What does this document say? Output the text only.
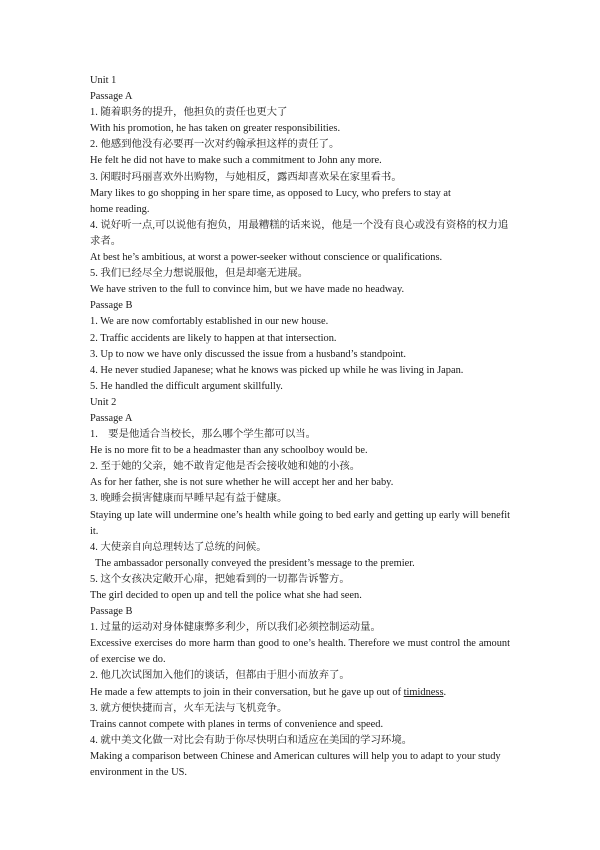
Unit 1
Passage A
1. 随着职务的提升，他担负的责任也更大了
With his promotion, he has taken on greater responsibilities.
2. 他感到他没有必要再一次对约翰承担这样的责任了。
He felt he did not have to make such a commitment to John any more.
3. 闲暇时玛丽喜欢外出购物，与她相反，露西却喜欢呆在家里看书。
Mary likes to go shopping in her spare time, as opposed to Lucy, who prefers to stay at
home reading.
4. 说好听一点,可以说他有抱负，用最糟糕的话来说，他是一个没有良心或没有资格的权力追求者。
At best he’s ambitious, at worst a power-seeker without conscience or qualifications.
5. 我们已经尽全力想说服他，但是却毫无进展。
We have striven to the full to convince him, but we have made no headway.
Passage B
1. We are now comfortably established in our new house.
2. Traffic accidents are likely to happen at that intersection.
3. Up to now we have only discussed the issue from a husband’s standpoint.
4. He never studied Japanese; what he knows was picked up while he was living in Japan.
5. He handled the difficult argument skillfully.
Unit 2
Passage A
1.    要是他适合当校长，那么哪个学生都可以当。
He is no more fit to be a headmaster than any schoolboy would be.
2. 至于她的父亲，她不敢肯定他是否会接收她和她的小孩。
As for her father, she is not sure whether he will accept her and her baby.
3. 晚睡会损害健康而早睡早起有益于健康。
Staying up late will undermine one’s health while going to bed early and getting up early will benefit it.
4. 大使亲自向总理转达了总统的问候。
The ambassador personally conveyed the president’s message to the premier.
5. 这个女孩决定敞开心扉，把她看到的一切都告诉警方。
The girl decided to open up and tell the police what she had seen.
Passage B
1. 过量的运动对身体健康弊多利少，所以我们必须控制运动量。
Excessive exercises do more harm than good to one’s health. Therefore we must control the amount of exercise we do.
2. 他几次试图加入他们的谈话，但都由于胆小而放弃了。
He made a few attempts to join in their conversation, but he gave up out of timidness.
3. 就方便快捷而言，火车无法与飞机竞争。
Trains cannot compete with planes in terms of convenience and speed.
4. 就中美文化做一对比会有助于你尽快明白和适应在美国的学习环境。
Making a comparison between Chinese and American cultures will help you to adapt to your study environment in the US.
